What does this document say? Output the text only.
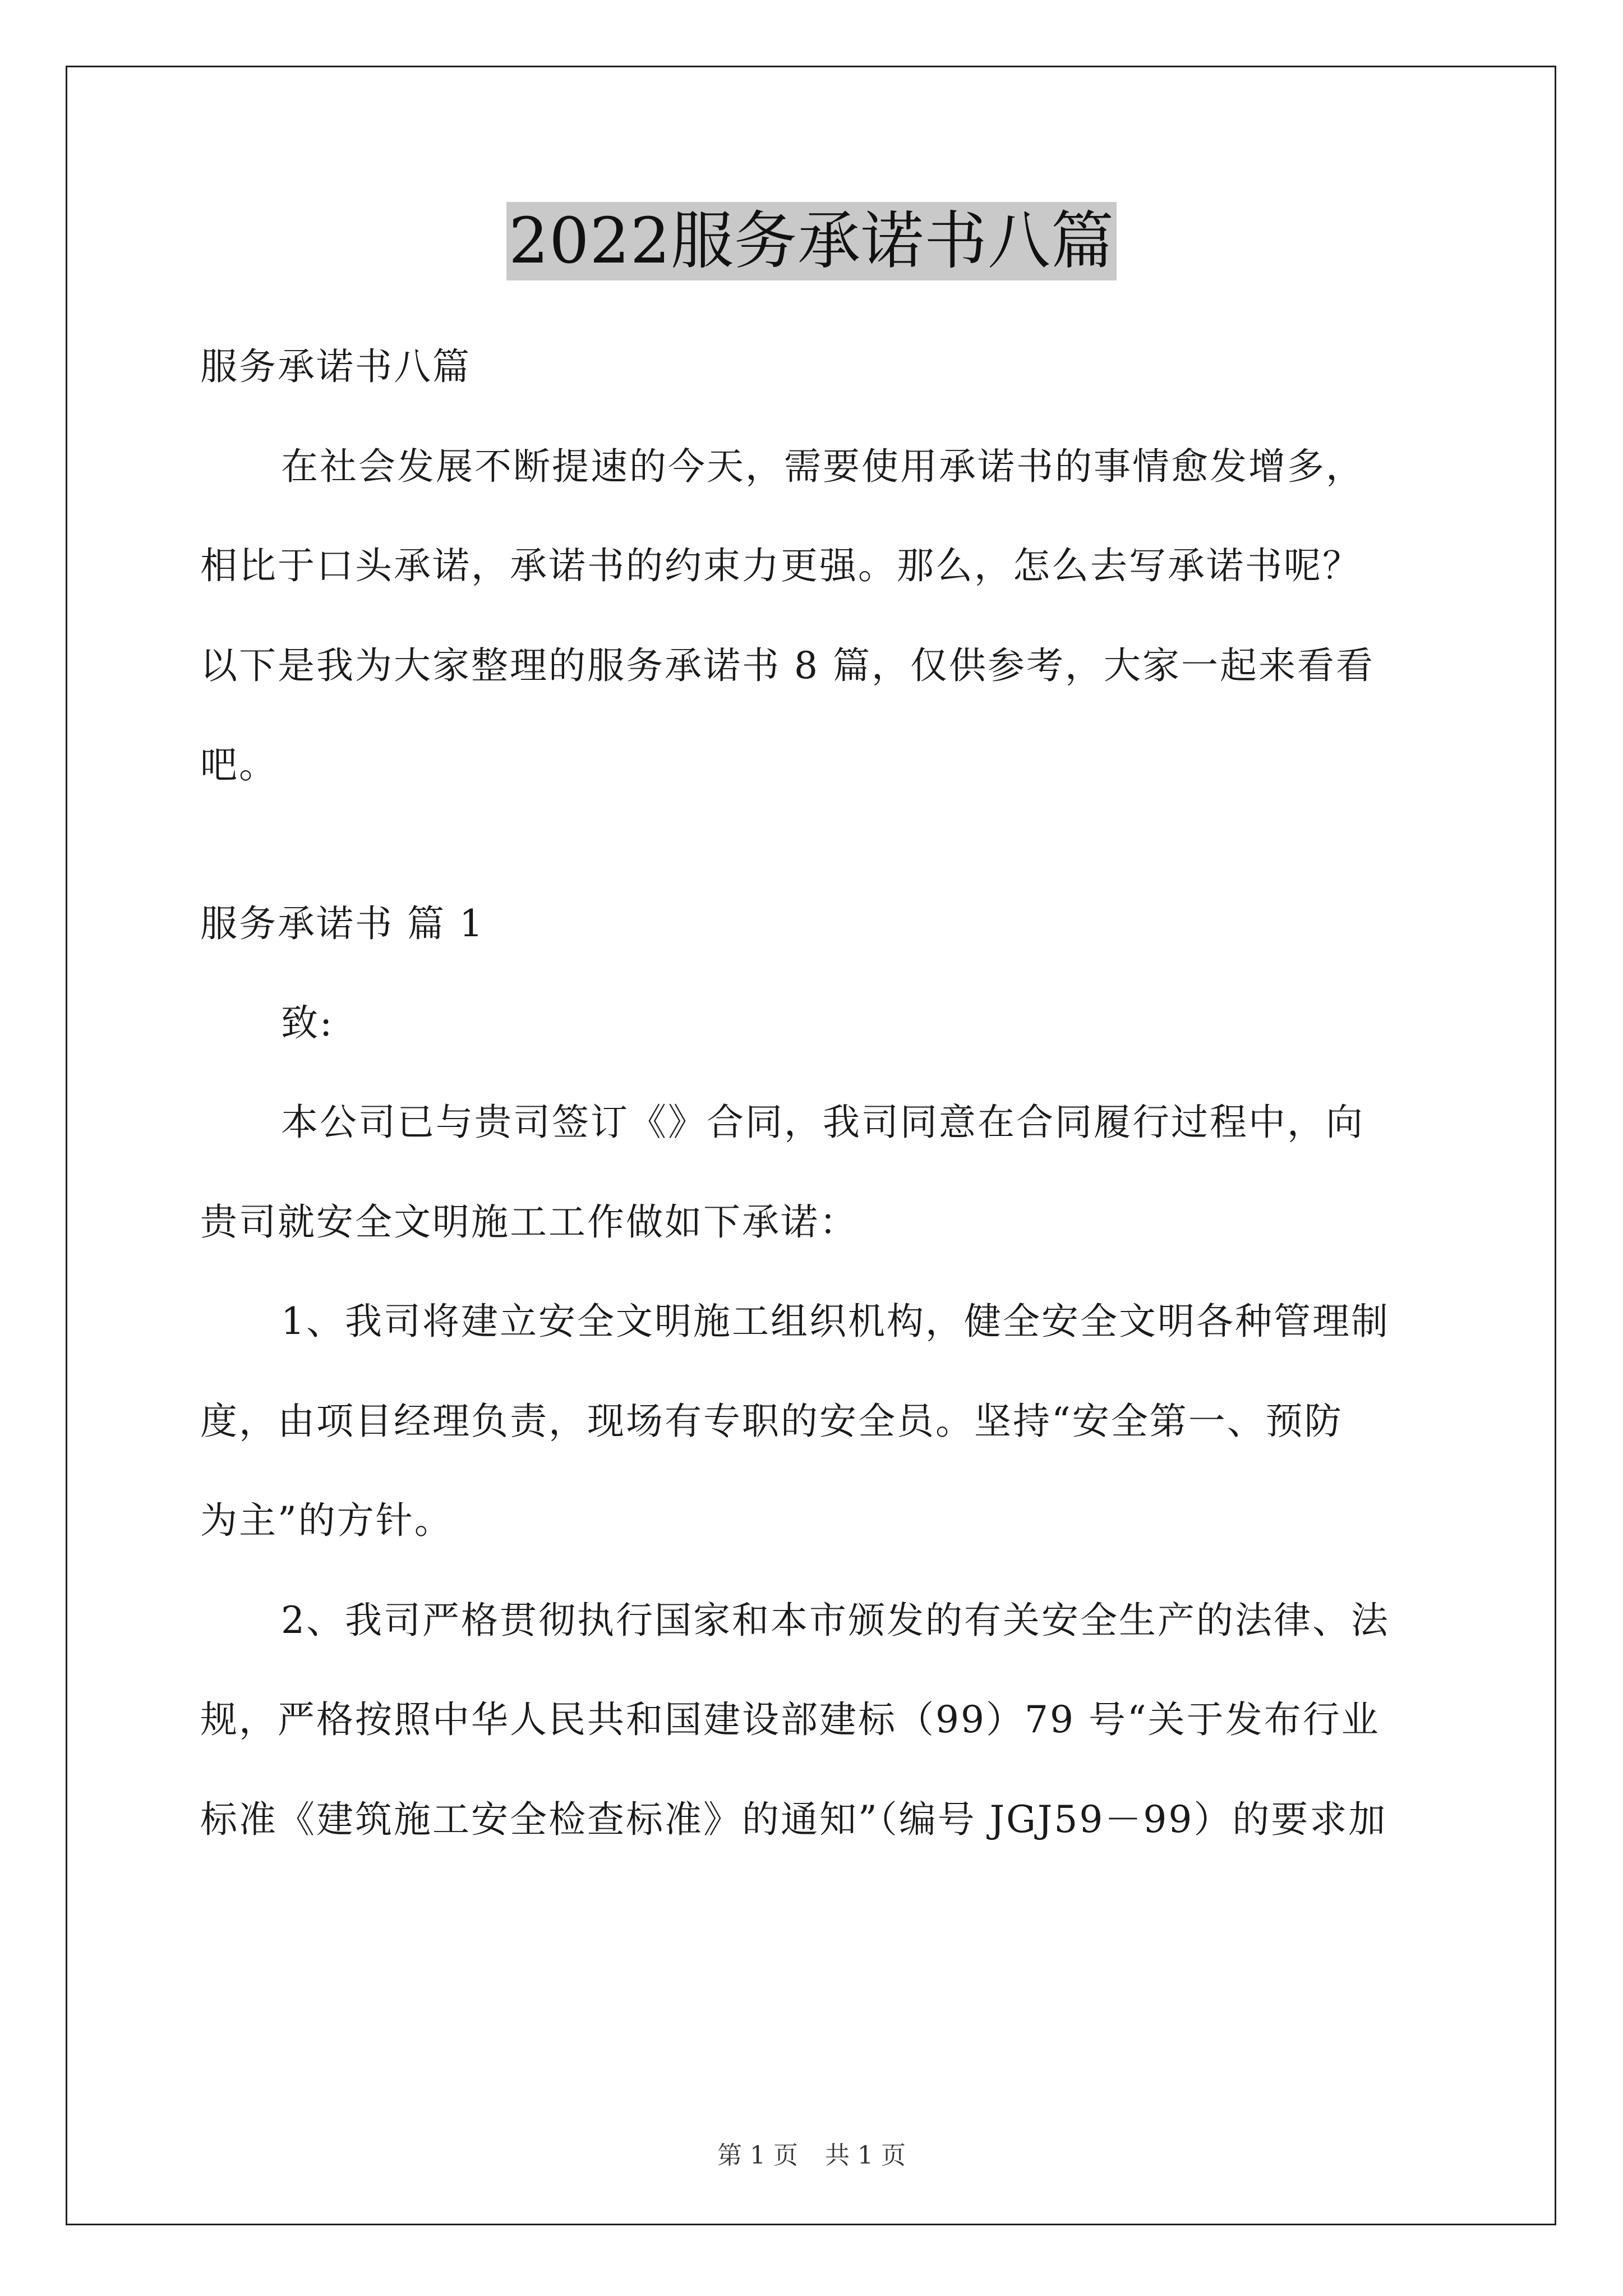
2022服务承诺书八篇
服务承诺书八篇
在社会发展不断提速的今天，需要使用承诺书的事情愈发增多，
相比于口头承诺，承诺书的约束力更强。那么，怎么去写承诺书呢？
以下是我为大家整理的服务承诺书 8 篇，仅供参考，大家一起来看看
吧。
服务承诺书 篇 1
致:
本公司已与贵司签订《》合同，我司同意在合同履行过程中，向
贵司就安全文明施工工作做如下承诺：
1、我司将建立安全文明施工组织机构，健全安全文明各种管理制
度，由项目经理负责，现场有专职的安全员。坚持“安全第一、预防
为主”的方针。
2、我司严格贯彻执行国家和本市颁发的有关安全生产的法律、法
规，严格按照中华人民共和国建设部建标（99）79 号“关于发布行业
标准《建筑施工安全检查标准》的通知”（编号 JGJ59－99）的要求加
第 1 页 共 1 页
